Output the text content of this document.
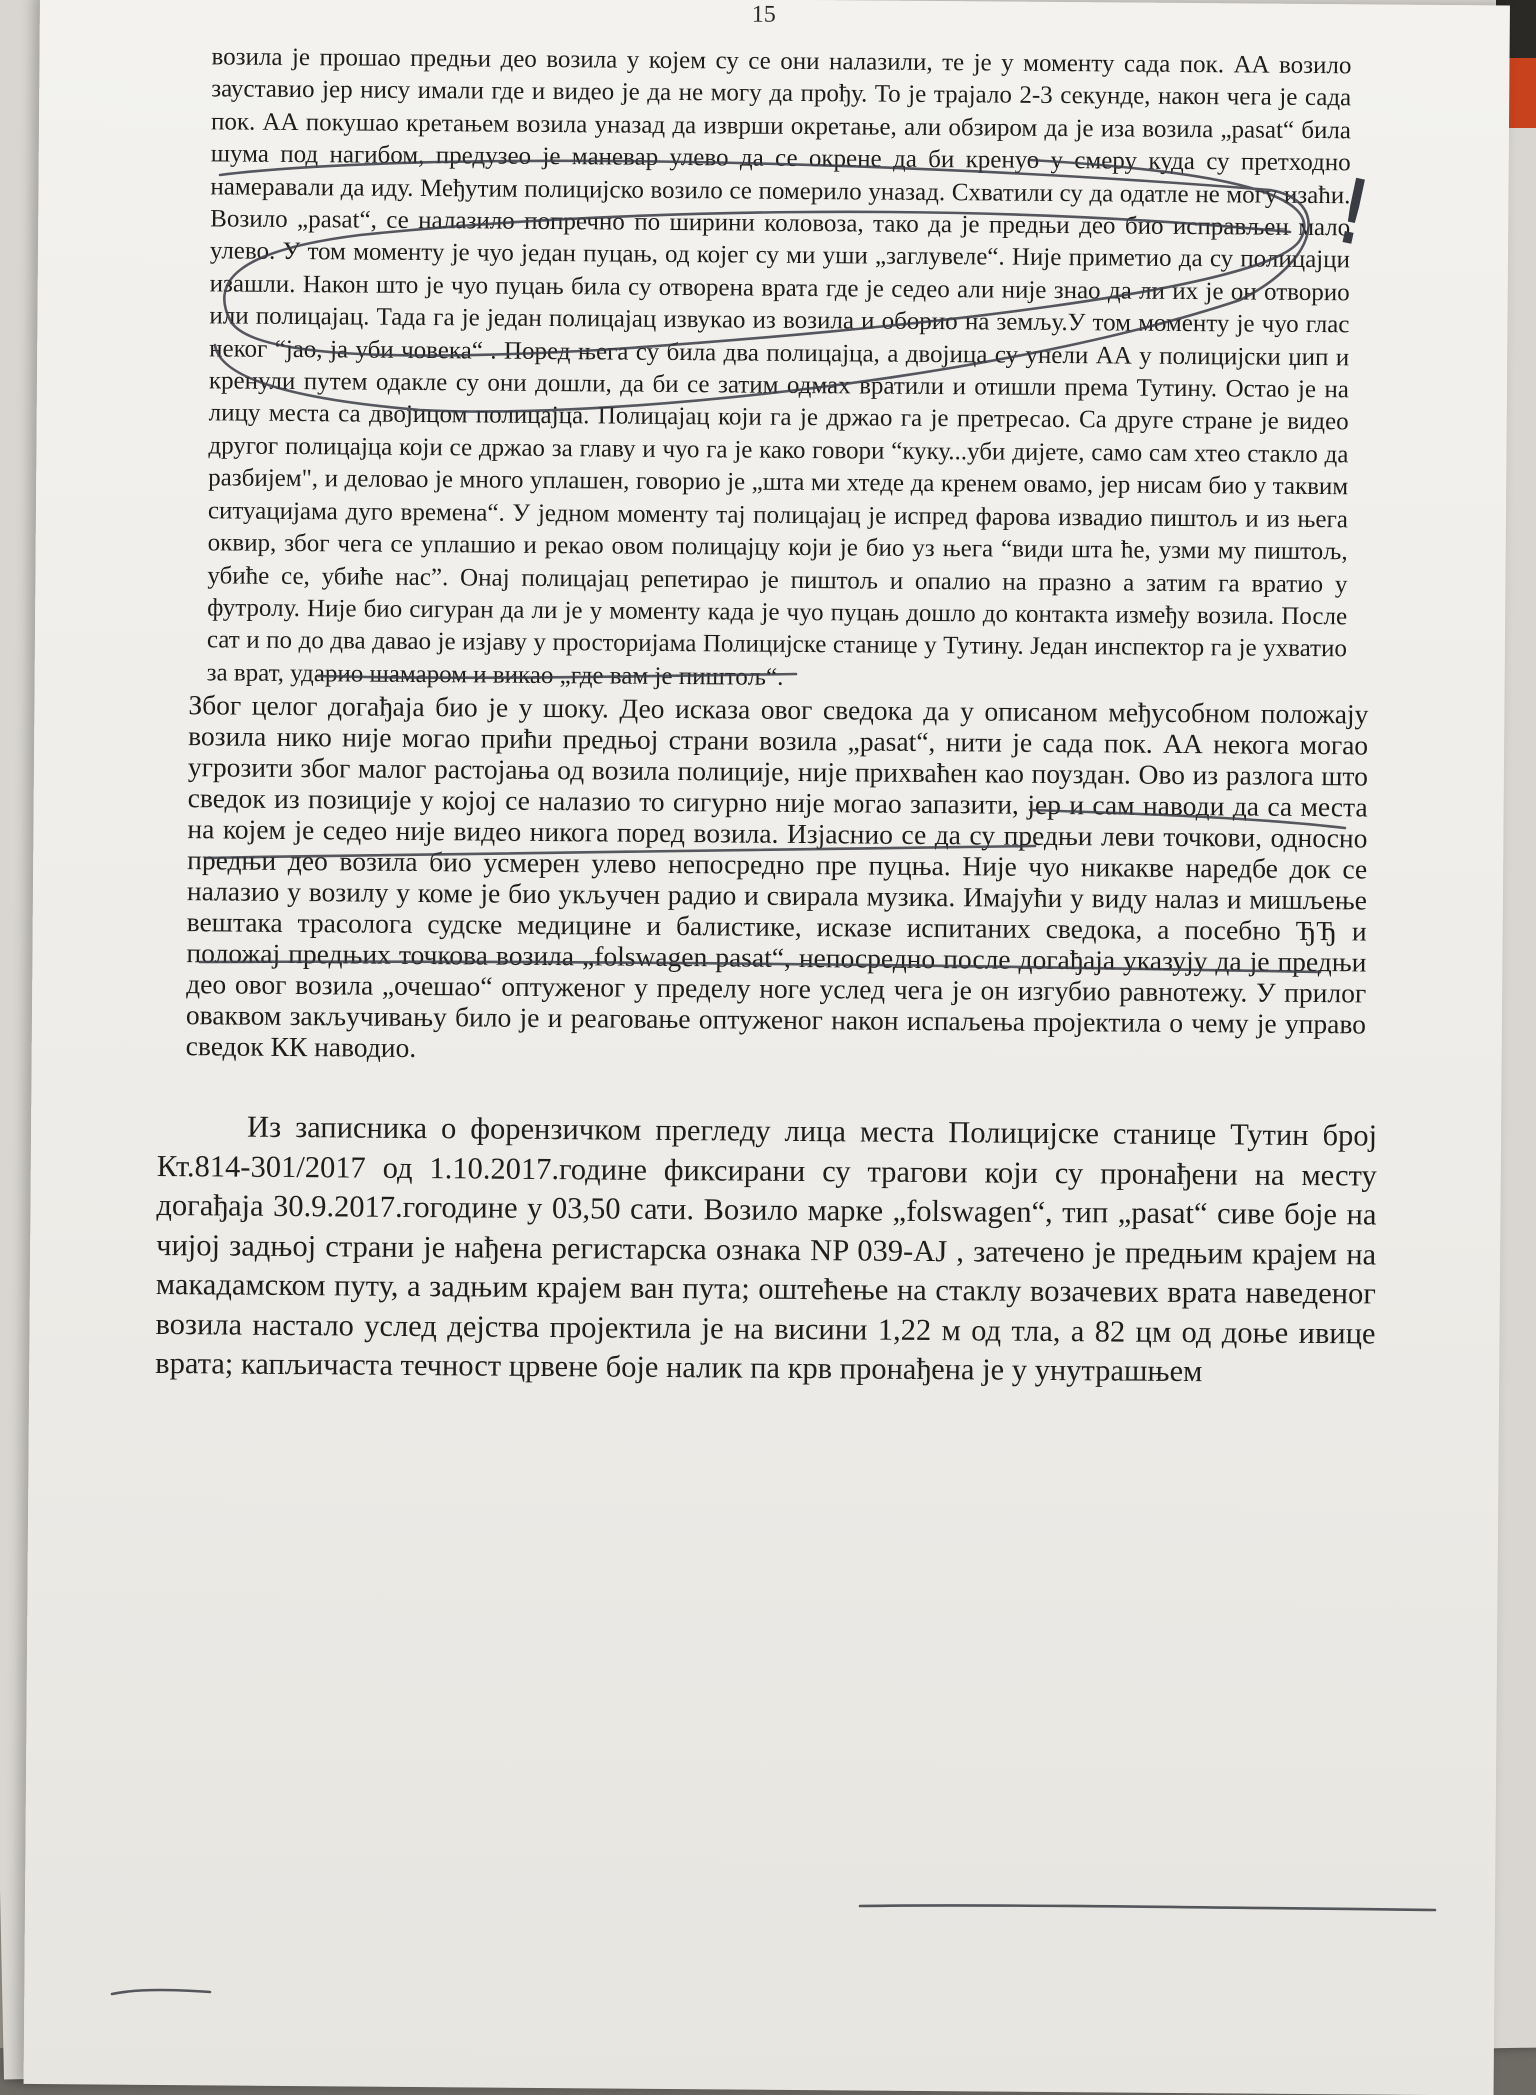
15

возила је прошао предњи део возила у којем су се они налазили, те је у моменту сада пок. АА возило зауставио јер нису имали где и видео је да не могу да прођу. То је трајало 2-3 секунде, након чега је сада пок. АА покушао кретањем возила уназад да изврши окретање, али обзиром да је иза возила „pasat“ била шума под нагибом, предузео је маневар улево да се окрене да би кренуо у смеру куда су претходно намеравали да иду. Међутим полицијско возило се померило уназад. Схватили су да одатле не могу изаћи. Возило „pasat“, се налазило попречно по ширини коловоза, тако да је предњи део био исправљен мало улево. У том моменту је чуо један пуцањ, од којег су ми уши „заглувеле“. Није приметио да су полицајци изашли. Након што је чуо пуцањ била су отворена врата где је седео али није знао да ли их је он отворио или полицајац. Тада га је један полицајац извукао из возила и оборио на земљу.У том моменту је чуо глас неког “јао, ја уби човека“ . Поред њега су била два полицајца, а двојица су унели АА у полицијски џип и кренули путем одакле су они дошли, да би се затим одмах вратили и отишли према Тутину. Остао је на лицу места са двојицом полицајца. Полицајац који га је држао га је претресао. Са друге стране је видео другог полицајца који се држао за главу и чуо га је како говори “куку...уби дијете, само сам хтео стакло да разбијем", и деловао је много уплашен, говорио је „шта ми хтеде да кренем овамо, јер нисам био у таквим ситуацијама дуго времена“. У једном моменту тај полицајац је испред фарова извадио пиштољ и из њега оквир, због чега се уплашио и рекао овом полицајцу који је био уз њега “види шта ће, узми му пиштољ, убиће се, убиће нас”. Онај полицајац репетирао је пиштољ и опалио на празно а затим га вратио у футролу. Није био сигуран да ли је у моменту када је чуо пуцањ дошло до контакта између возила. После сат и по до два давао је изјаву у просторијама Полицијске станице у Тутину. Један инспектор га је ухватио за врат, ударио шамаром и викао „где вам је пиштољ“.

Због целог догађаја био је у шоку. Део исказа овог сведока да у описаном међусобном положају возила нико није могао прићи предњој страни возила „pasat“, нити је сада пок. АА некога могао угрозити због малог растојања од возила полиције, није прихваћен као поуздан. Ово из разлога што сведок из позиције у којој се налазио то сигурно није могао запазити, јер и сам наводи да са места на којем је седео није видео никога поред возила. Изјаснио се да су предњи леви точкови, односно предњи део возила био усмерен улево непосредно пре пуцња. Није чуо никакве наредбе док се налазио у возилу у коме је био укључен радио и свирала музика. Имајући у виду налаз и мишљење вештака трасолога судске медицине и балистике, исказе испитаних сведока, а посебно ЂЂ и положај предњих точкова возила „folswagen pasat“, непосредно после догађаја указују да је предњи део овог возила „очешао“ оптуженог у пределу ноге услед чега је он изгубио равнотежу. У прилог оваквом закључивању било је и реаговање оптуженог након испаљења пројектила о чему је управо сведок КК наводио.

Из записника о форензичком прегледу лица места Полицијске станице Тутин број Кт.814-301/2017 од 1.10.2017.године фиксирани су трагови који су пронађени на месту догађаја 30.9.2017.гогодине у 03,50 сати. Возило марке „folswagen“, тип „pasat“ сиве боје на чијој задњој страни је нађена регистарска ознака NP 039-AJ , затечено је предњим крајем на макадамском путу, а задњим крајем ван пута; оштећење на стаклу возачевих врата наведеног возила настало услед дејства пројектила је на висини 1,22 м од тла, а 82 цм од доње ивице врата; капљичаста течност црвене боје налик па крв пронађена је у унутрашњем

!
